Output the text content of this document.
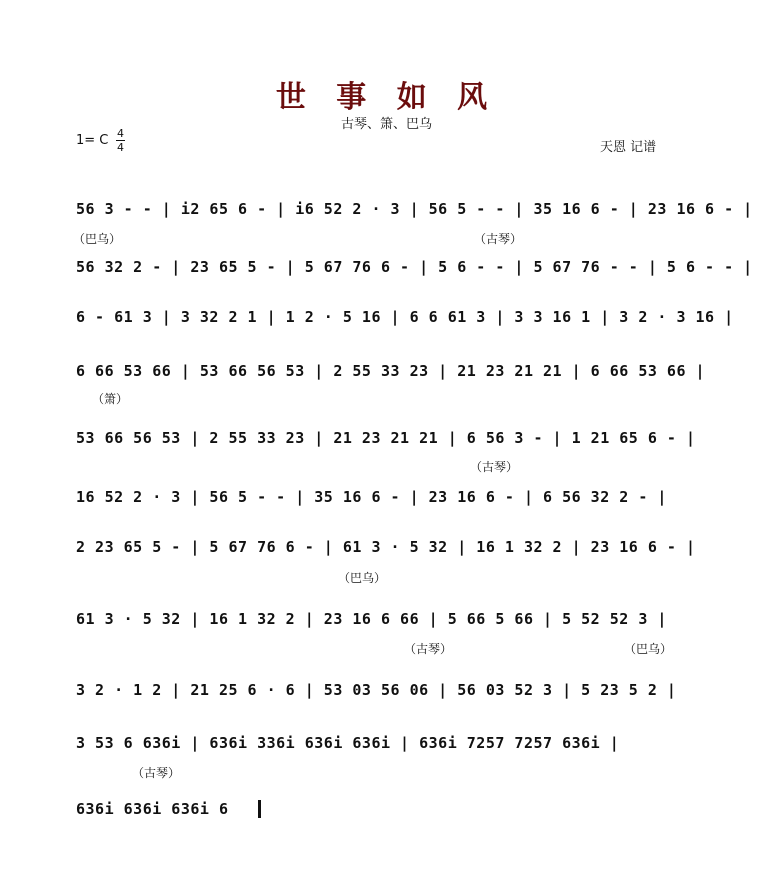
世 事 如 风
古琴、箫、巴乌
1= C 4
4	天恩 记谱
56 3 - - | i2 65 6 - | i6 52 2 · 3 | 56 5 - - | 35 16 6 - | 23 16 6 - |
56 32 2 - | 23 65 5 - | 5 67 76 6 - | 5 6 - - | 5 67 76 - - | 5 6 - - |
6 - 61 3 | 3 32 2 1 | 1 2 · 5 16 | 6 6 61 3 | 3 3 16 1 | 3 2 · 3 16 |
6 66 53 66 | 53 66 56 53 | 2 55 33 23 | 21 23 21 21 | 6 66 53 66 |
53 66 56 53 | 2 55 33 23 | 21 23 21 21 | 6 56 3 - | 1 21 65 6 - |
16 52 2 · 3 | 56 5 - - | 35 16 6 - | 23 16 6 - | 6 56 32 2 - |
2 23 65 5 - | 5 67 76 6 - | 61 3 · 5 32 | 16 1 32 2 | 23 16 6 - |
61 3 · 5 32 | 16 1 32 2 | 23 16 6 66 | 5 66 5 66 | 5 52 52 3 |
3 2 · 1 2 | 21 25 6 · 6 | 53 03 56 06 | 56 03 52 3 | 5 23 5 2 |
3 53 6 636i | 636i 336i 636i 636i | 636i 7257 7257 636i |
636i 636i 636i 6
（巴乌）	（古琴）
（箫）
（古琴）
（巴乌）
（古琴）	（巴乌）
（古琴）
